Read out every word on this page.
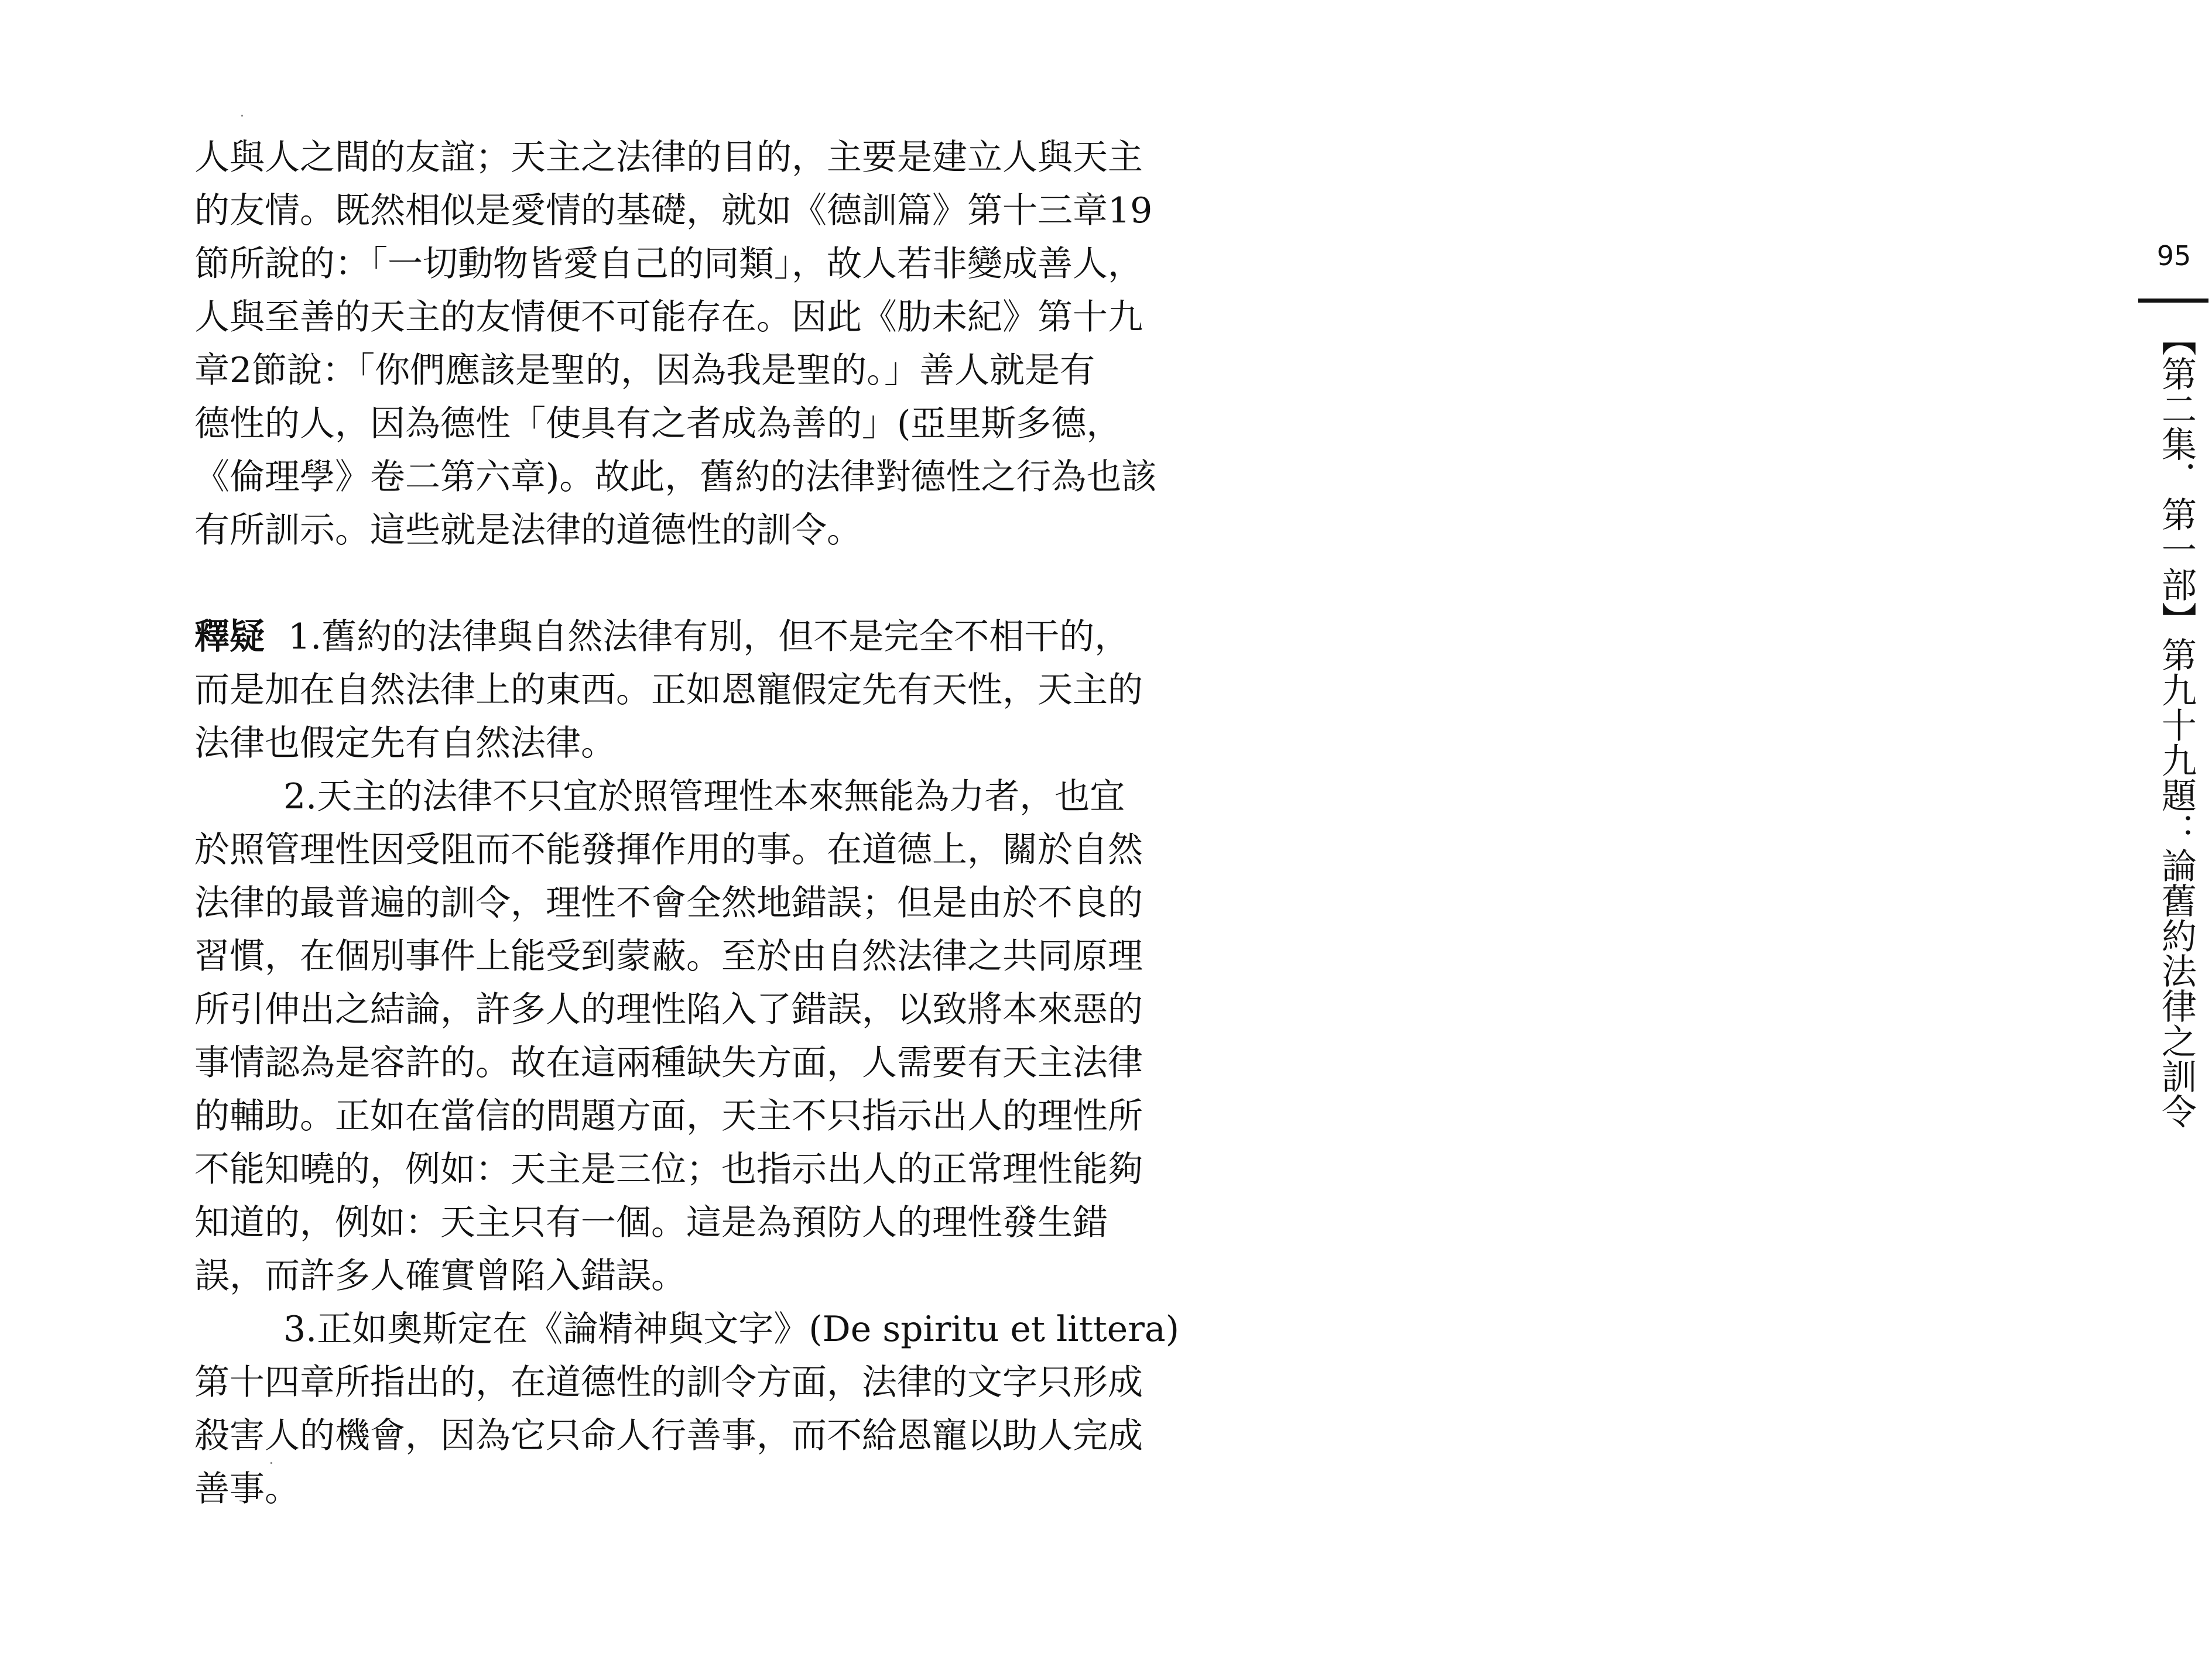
人與人之間的友誼；天主之法律的目的，主要是建立人與天主
的友情。既然相似是愛情的基礎，就如《德訓篇》第十三章19
節所說的：「一切動物皆愛自己的同類」，故人若非變成善人，
人與至善的天主的友情便不可能存在。因此《肋未紀》第十九
章2節說：「你們應該是聖的，因為我是聖的。」善人就是有
德性的人，因為德性「使具有之者成為善的」(亞里斯多德，
《倫理學》卷二第六章)。故此，舊約的法律對德性之行為也該
有所訓示。這些就是法律的道德性的訓令。
釋疑 1.舊約的法律與自然法律有別，但不是完全不相干的，
而是加在自然法律上的東西。正如恩寵假定先有天性，天主的
法律也假定先有自然法律。
2.天主的法律不只宜於照管理性本來無能為力者，也宜
於照管理性因受阻而不能發揮作用的事。在道德上，關於自然
法律的最普遍的訓令，理性不會全然地錯誤；但是由於不良的
習慣，在個別事件上能受到蒙蔽。至於由自然法律之共同原理
所引伸出之結論，許多人的理性陷入了錯誤，以致將本來惡的
事情認為是容許的。故在這兩種缺失方面，人需要有天主法律
的輔助。正如在當信的問題方面，天主不只指示出人的理性所
不能知曉的，例如：天主是三位；也指示出人的正常理性能夠
知道的，例如：天主只有一個。這是為預防人的理性發生錯
誤，而許多人確實曾陷入錯誤。
3.正如奧斯定在《論精神與文字》(De spiritu et littera)
第十四章所指出的，在道德性的訓令方面，法律的文字只形成
殺害人的機會，因為它只命人行善事，而不給恩寵以助人完成
善事。
95
【第二集．第一部】第九十九題：論舊約法律之訓令
